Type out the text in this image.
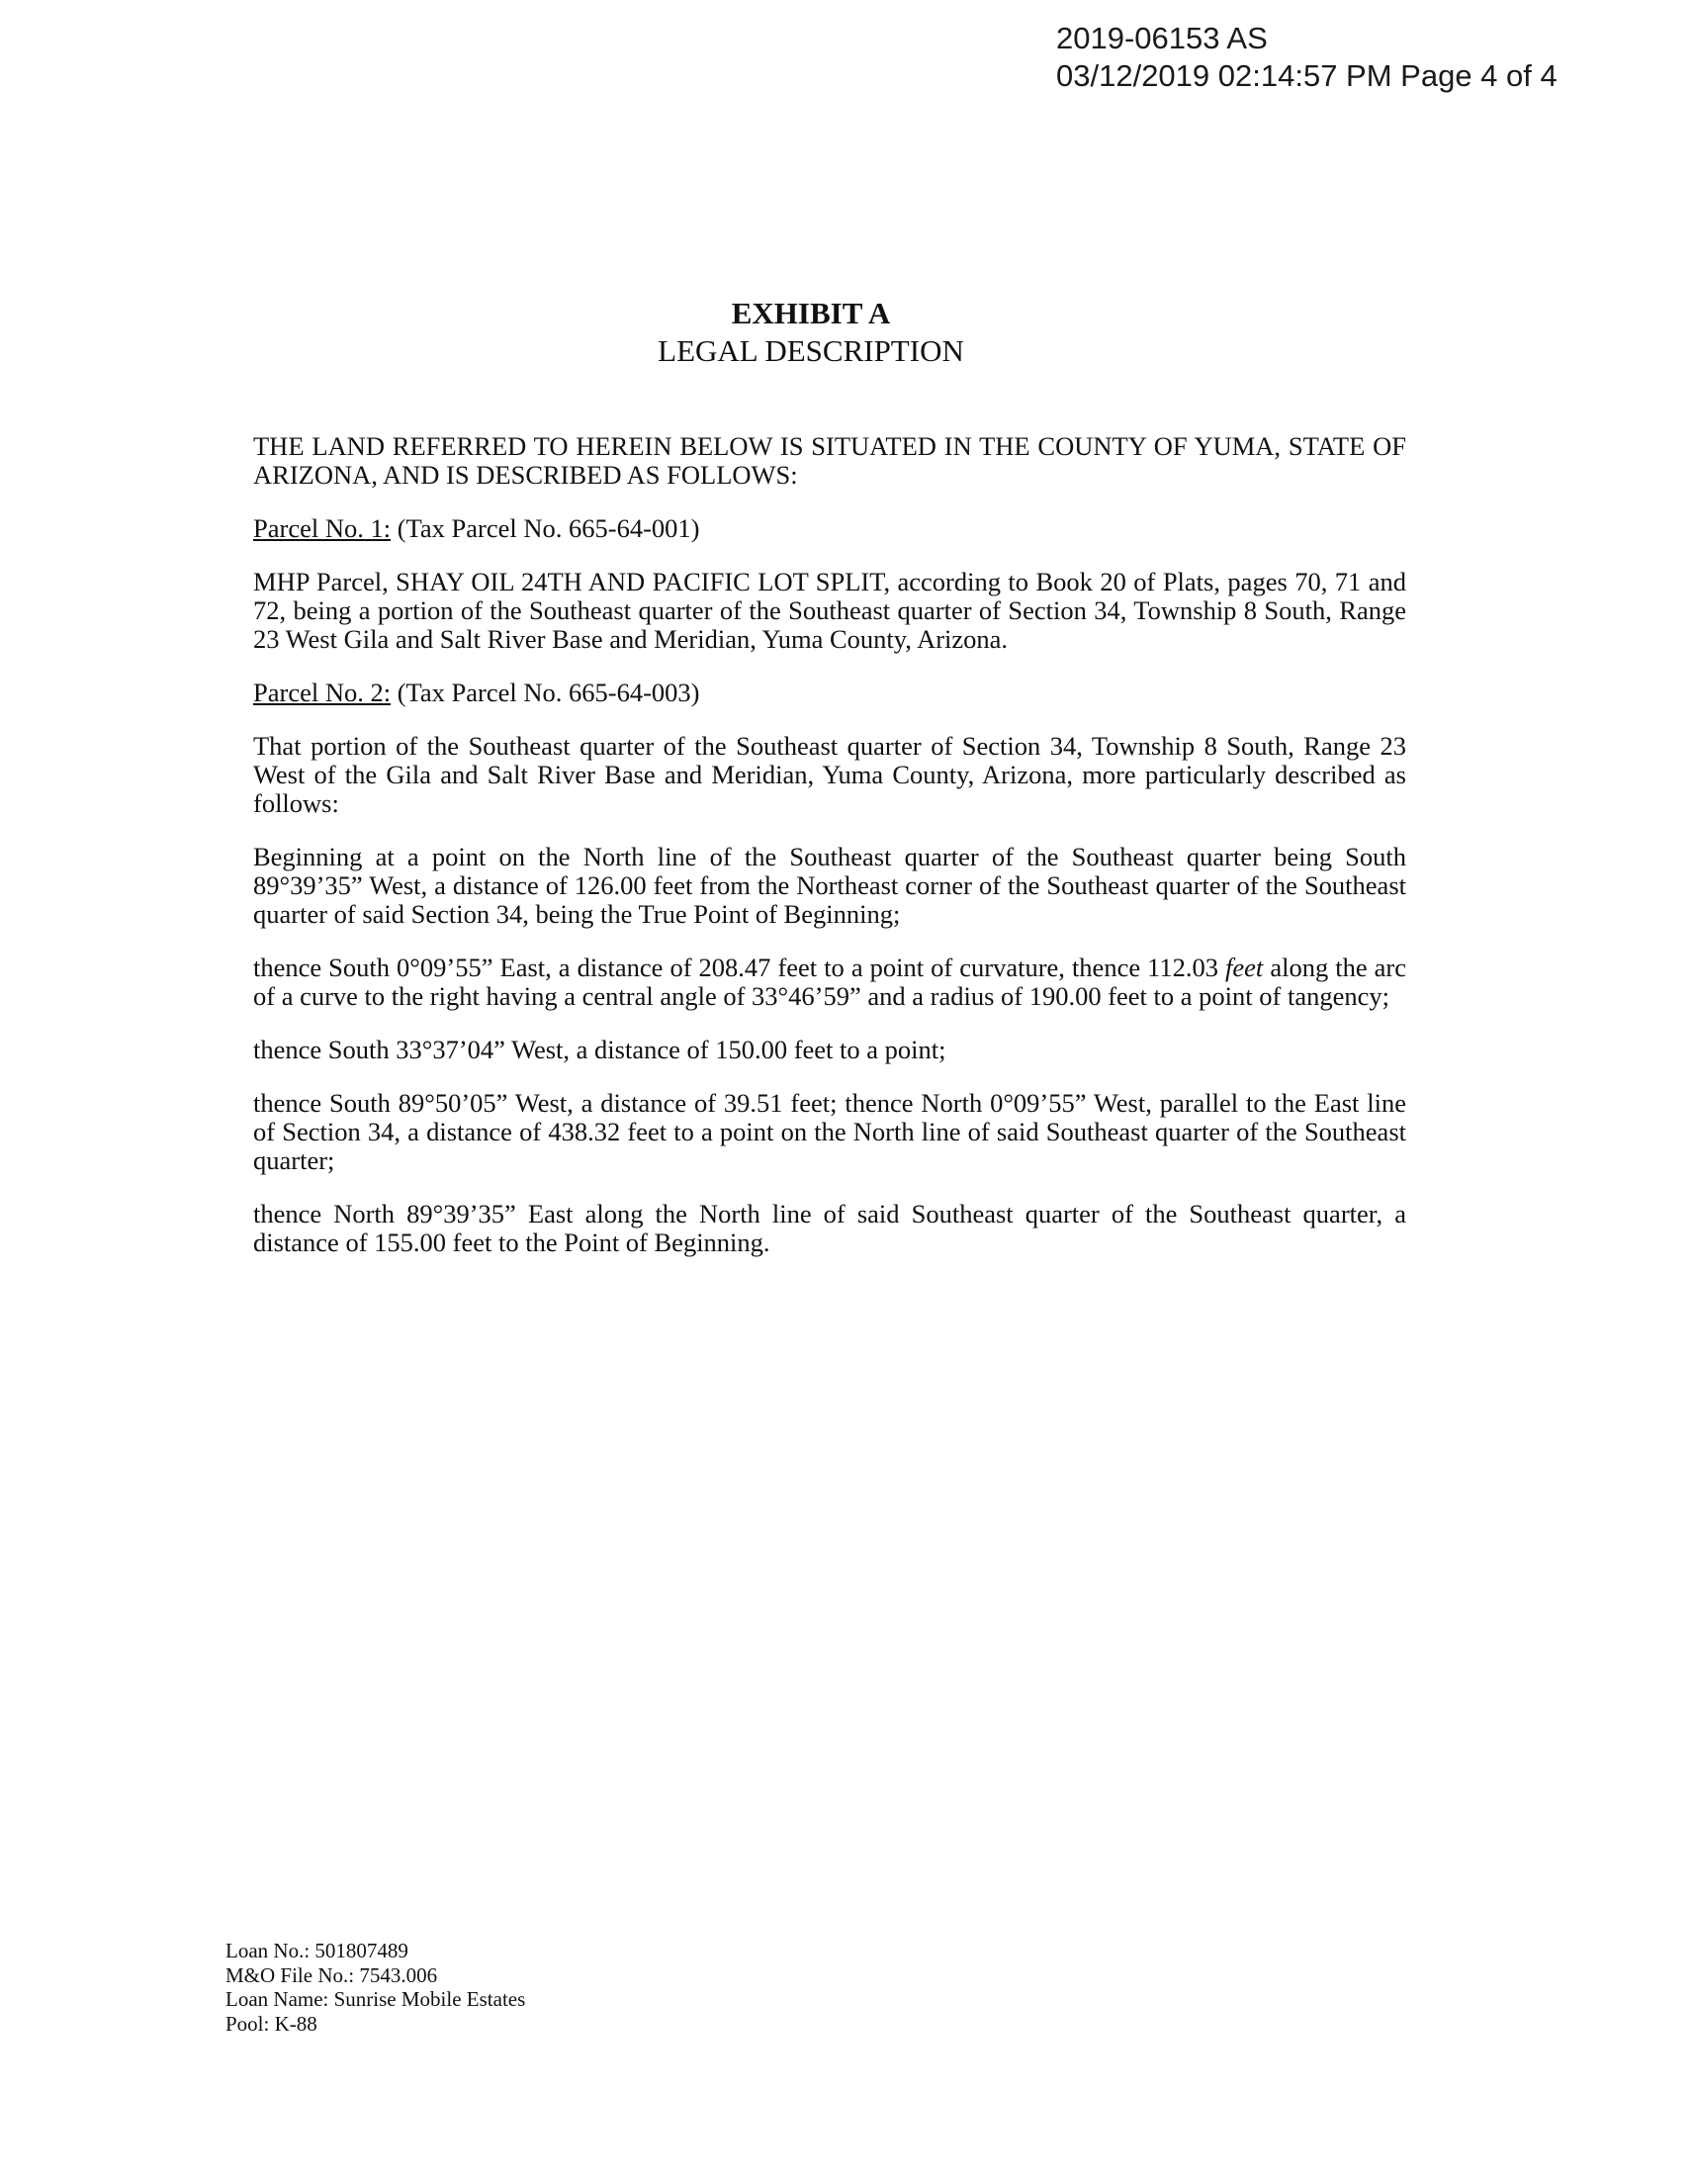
2019-06153 AS
03/12/2019 02:14:57 PM Page 4 of 4
EXHIBIT A
LEGAL DESCRIPTION

THE LAND REFERRED TO HEREIN BELOW IS SITUATED IN THE COUNTY OF YUMA, STATE OF ARIZONA, AND IS DESCRIBED AS FOLLOWS:

Parcel No. 1: (Tax Parcel No. 665-64-001)

MHP Parcel, SHAY OIL 24TH AND PACIFIC LOT SPLIT, according to Book 20 of Plats, pages 70, 71 and 72, being a portion of the Southeast quarter of the Southeast quarter of Section 34, Township 8 South, Range 23 West Gila and Salt River Base and Meridian, Yuma County, Arizona.

Parcel No. 2: (Tax Parcel No. 665-64-003)

That portion of the Southeast quarter of the Southeast quarter of Section 34, Township 8 South, Range 23 West of the Gila and Salt River Base and Meridian, Yuma County, Arizona, more particularly described as follows:

Beginning at a point on the North line of the Southeast quarter of the Southeast quarter being South 89°39’35” West, a distance of 126.00 feet from the Northeast corner of the Southeast quarter of the Southeast quarter of said Section 34, being the True Point of Beginning;

thence South 0°09’55” East, a distance of 208.47 feet to a point of curvature, thence 112.03 feet along the arc of a curve to the right having a central angle of 33°46’59” and a radius of 190.00 feet to a point of tangency;

thence South 33°37’04” West, a distance of 150.00 feet to a point;

thence South 89°50’05” West, a distance of 39.51 feet; thence North 0°09’55” West, parallel to the East line of Section 34, a distance of 438.32 feet to a point on the North line of said Southeast quarter of the Southeast quarter;

thence North 89°39’35” East along the North line of said Southeast quarter of the Southeast quarter, a distance of 155.00 feet to the Point of Beginning.

Loan No.: 501807489
M&O File No.: 7543.006
Loan Name: Sunrise Mobile Estates
Pool: K-88
